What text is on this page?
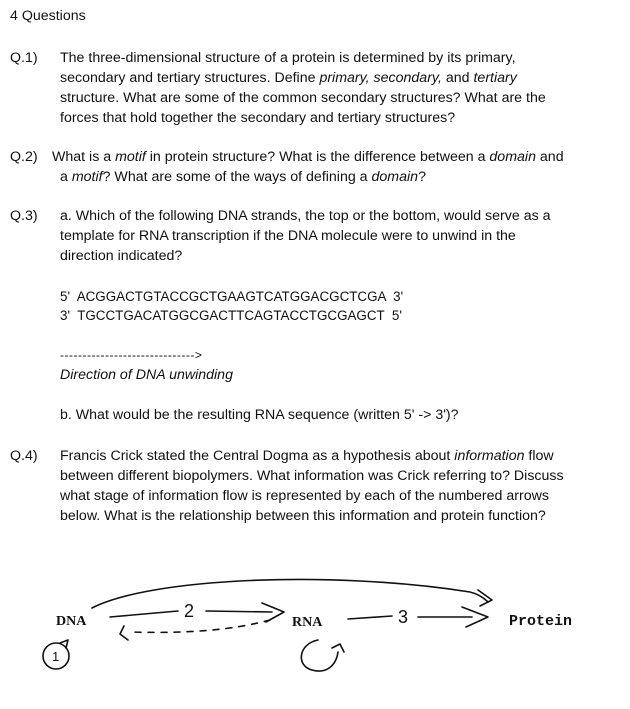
4 Questions
Q.1) The three-dimensional structure of a protein is determined by its primary,

secondary and tertiary structures. Define primary, secondary, and tertiary

structure. What are some of the common secondary structures? What are the

forces that hold together the secondary and tertiary structures?

Q.2) What is a motif in protein structure? What is the difference between a domain and

a motif? What are some of the ways of defining a domain?

Q.3) a. Which of the following DNA strands, the top or the bottom, would serve as a

template for RNA transcription if the DNA molecule were to unwind in the

direction indicated?

5'  ACGGACTGTACCGCTGAAGTCATGGACGCTCGA  3'
3'  TGCCTGACATGGCGACTTCAGTACCTGCGAGCT  5'
------------------------------>
Direction of DNA unwinding
b. What would be the resulting RNA sequence (written 5' -> 3')?
Q.4) Francis Crick stated the Central Dogma as a hypothesis about information flow

between different biopolymers. What information was Crick referring to? Discuss

what stage of information flow is represented by each of the numbered arrows

below. What is the relationship between this information and protein function?

DNA	RNA	Protein
2	3
1
